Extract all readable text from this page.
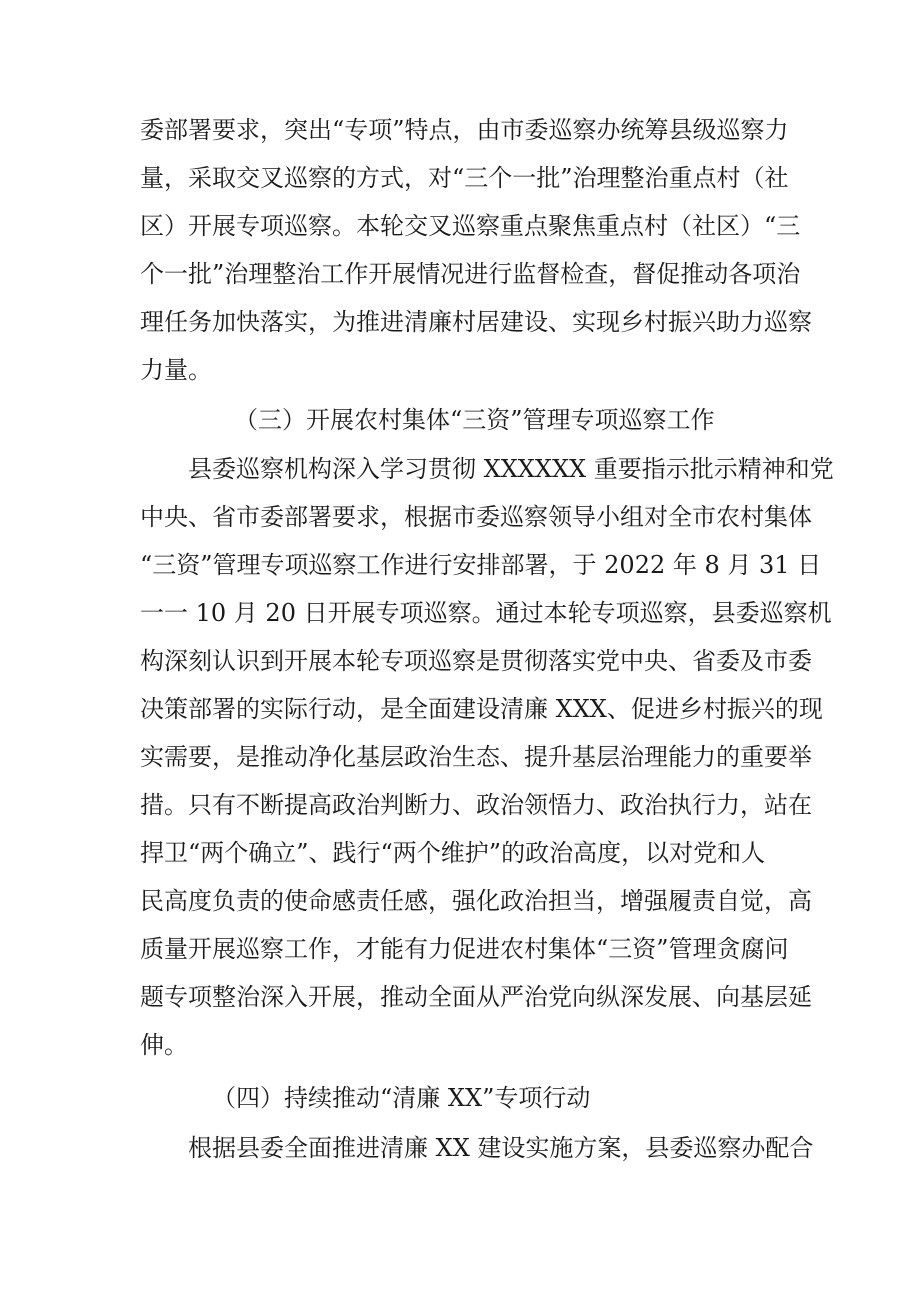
委部署要求，突出“专项”特点，由市委巡察办统筹县级巡察力
量，采取交叉巡察的方式，对“三个一批”治理整治重点村（社
区）开展专项巡察。本轮交叉巡察重点聚焦重点村（社区）“三
个一批”治理整治工作开展情况进行监督检查，督促推动各项治
理任务加快落实，为推进清廉村居建设、实现乡村振兴助力巡察
力量。
（三）开展农村集体“三资”管理专项巡察工作
县委巡察机构深入学习贯彻 XXXXXX 重要指示批示精神和党
中央、省市委部署要求，根据市委巡察领导小组对全市农村集体
“三资”管理专项巡察工作进行安排部署，于 2022 年 8 月 31 日
一一 10 月 20 日开展专项巡察。通过本轮专项巡察，县委巡察机
构深刻认识到开展本轮专项巡察是贯彻落实党中央、省委及市委
决策部署的实际行动，是全面建设清廉 XXX、促进乡村振兴的现
实需要，是推动净化基层政治生态、提升基层治理能力的重要举
措。只有不断提高政治判断力、政治领悟力、政治执行力，站在
捍卫“两个确立”、践行“两个维护”的政治高度，以对党和人
民高度负责的使命感责任感，强化政治担当，增强履责自觉，高
质量开展巡察工作，才能有力促进农村集体“三资”管理贪腐问
题专项整治深入开展，推动全面从严治党向纵深发展、向基层延
伸。
（四）持续推动“清廉 XX”专项行动
根据县委全面推进清廉 XX 建设实施方案，县委巡察办配合
